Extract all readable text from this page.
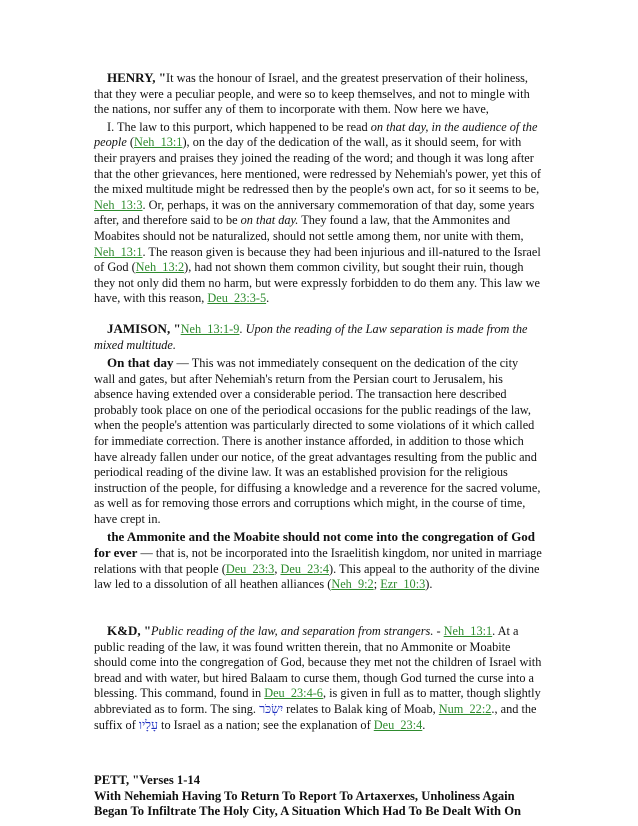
HENRY, "It was the honour of Israel, and the greatest preservation of their holiness, that they were a peculiar people, and were so to keep themselves, and not to mingle with the nations, nor suffer any of them to incorporate with them. Now here we have,

I. The law to this purport, which happened to be read on that day, in the audience of the people (Neh_13:1), on the day of the dedication of the wall, as it should seem, for with their prayers and praises they joined the reading of the word; and though it was long after that the other grievances, here mentioned, were redressed by Nehemiah's power, yet this of the mixed multitude might be redressed then by the people's own act, for so it seems to be, Neh_13:3. Or, perhaps, it was on the anniversary commemoration of that day, some years after, and therefore said to be on that day. They found a law, that the Ammonites and Moabites should not be naturalized, should not settle among them, nor unite with them, Neh_13:1. The reason given is because they had been injurious and ill-natured to the Israel of God (Neh_13:2), had not shown them common civility, but sought their ruin, though they not only did them no harm, but were expressly forbidden to do them any. This law we have, with this reason, Deu_23:3-5.

JAMISON, "Neh_13:1-9. Upon the reading of the Law separation is made from the mixed multitude.

On that day — This was not immediately consequent on the dedication of the city wall and gates, but after Nehemiah's return from the Persian court to Jerusalem, his absence having extended over a considerable period. The transaction here described probably took place on one of the periodical occasions for the public readings of the law, when the people's attention was particularly directed to some violations of it which called for immediate correction. There is another instance afforded, in addition to those which have already fallen under our notice, of the great advantages resulting from the public and periodical reading of the divine law. It was an established provision for the religious instruction of the people, for diffusing a knowledge and a reverence for the sacred volume, as well as for removing those errors and corruptions which might, in the course of time, have crept in.

the Ammonite and the Moabite should not come into the congregation of God for ever — that is, not be incorporated into the Israelitish kingdom, nor united in marriage relations with that people (Deu_23:3, Deu_23:4). This appeal to the authority of the divine law led to a dissolution of all heathen alliances (Neh_9:2; Ezr_10:3).

K&D, "Public reading of the law, and separation from strangers. - Neh_13:1. At a public reading of the law, it was found written therein, that no Ammonite or Moabite should come into the congregation of God, because they met not the children of Israel with bread and with water, but hired Balaam to curse them, though God turned the curse into a blessing. This command, found in Deu_23:4-6, is given in full as to matter, though slightly abbreviated as to form. The sing. יִשְׂכֹּר relates to Balak king of Moab, Num_22:2., and the suffix of עָלָיו to Israel as a nation; see the explanation of Deu_23:4.

PETT, "Verses 1-14

With Nehemiah Having To Return To Report To Artaxerxes, Unholiness Again Began To Infiltrate The Holy City, A Situation Which Had To Be Dealt With On
